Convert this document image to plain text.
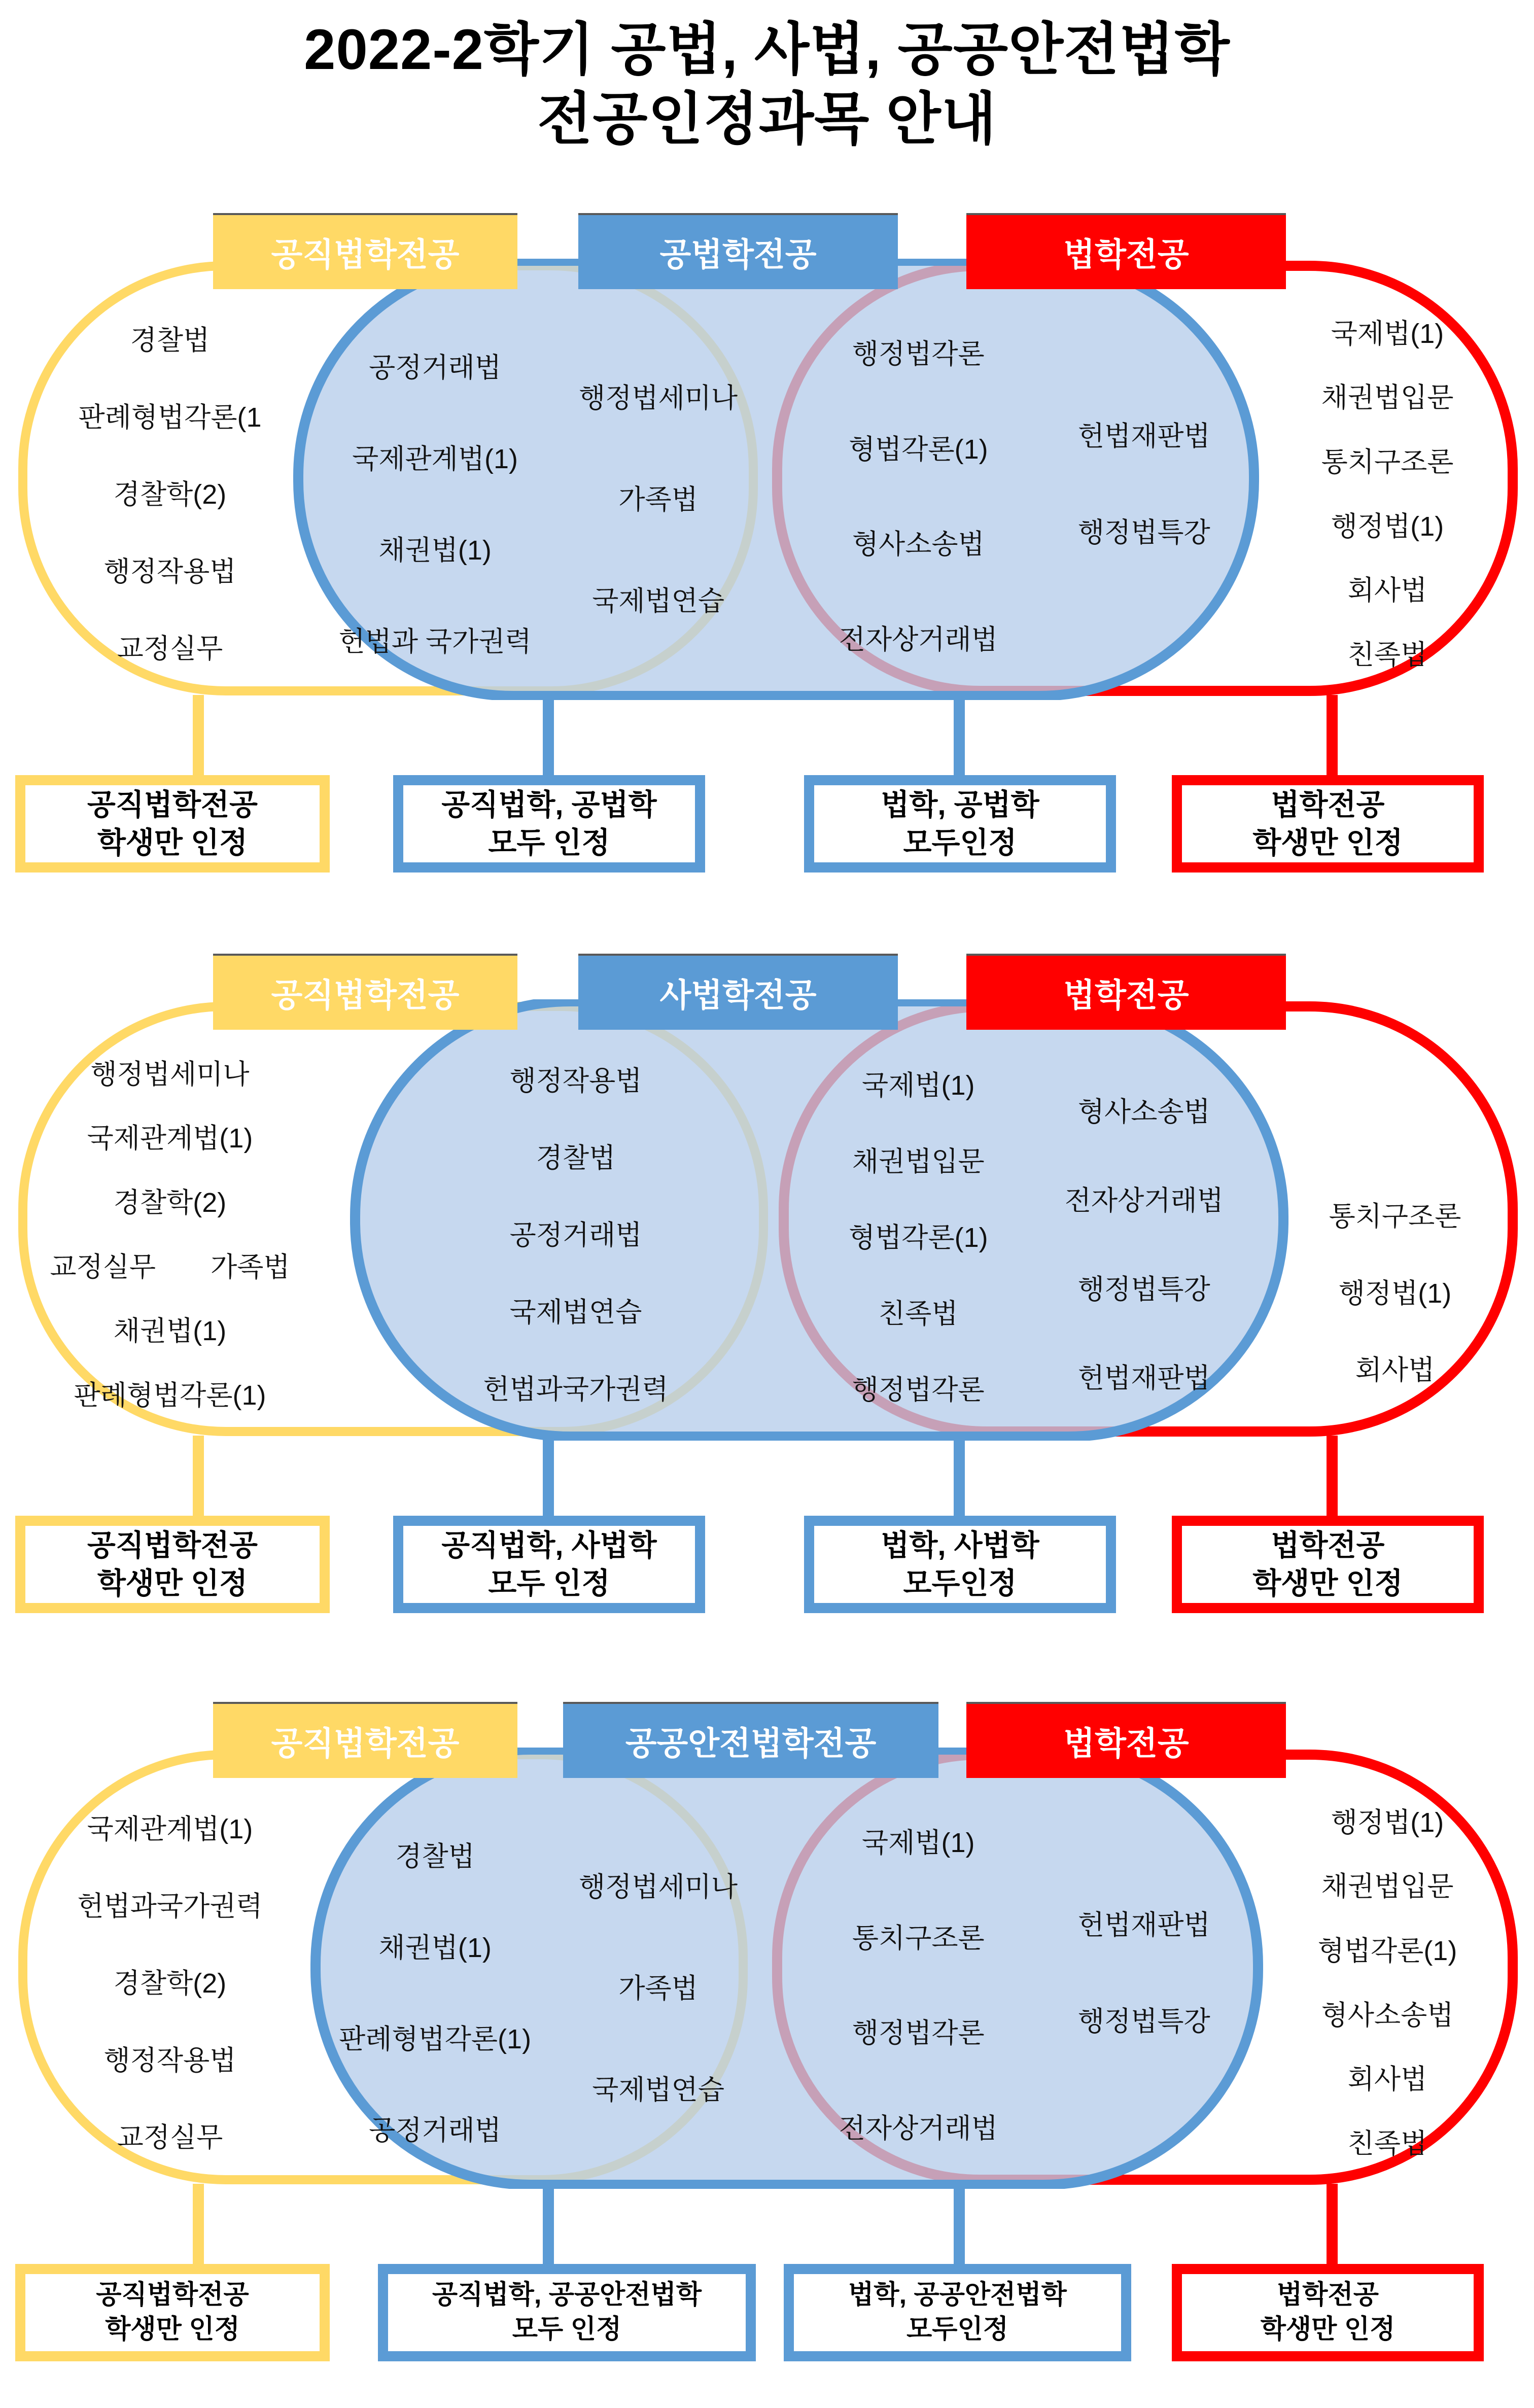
2022-2학기 공법, 사법, 공공안전법학
전공인정과목 안내
공직법학전공	공법학전공	법학전공
경찰법
판례형법각론(1
경찰학(2)
행정작용법
교정실무
공정거래법
국제관계법(1)
채권법(1)
헌법과 국가권력
행정법세미나
가족법
국제법연습
행정법각론
형법각론(1)
형사소송법
전자상거래법
헌법재판법
행정법특강
국제법(1)
채권법입문
통치구조론
행정법(1)
회사법
친족법
공직법학전공
학생만 인정
공직법학, 공법학
모두 인정
법학, 공법학
모두인정
법학전공
학생만 인정
공직법학전공	사법학전공	법학전공
행정법세미나
국제관계법(1)
경찰학(2)
교정실무　　가족법
채권법(1)
판례형법각론(1)
행정작용법
경찰법
공정거래법
국제법연습
헌법과국가권력
국제법(1)
채권법입문
형법각론(1)
친족법
행정법각론
형사소송법
전자상거래법
행정법특강
헌법재판법
통치구조론
행정법(1)
회사법
공직법학전공
학생만 인정
공직법학, 사법학
모두 인정
법학, 사법학
모두인정
법학전공
학생만 인정
공직법학전공	공공안전법학전공	법학전공
국제관계법(1)
헌법과국가권력
경찰학(2)
행정작용법
교정실무
경찰법
채권법(1)
판례형법각론(1)
공정거래법
행정법세미나
가족법
국제법연습
국제법(1)
통치구조론
행정법각론
전자상거래법
헌법재판법
행정법특강
행정법(1)
채권법입문
형법각론(1)
형사소송법
회사법
친족법
공직법학전공
학생만 인정
공직법학, 공공안전법학
모두 인정
법학, 공공안전법학
모두인정
법학전공
학생만 인정
